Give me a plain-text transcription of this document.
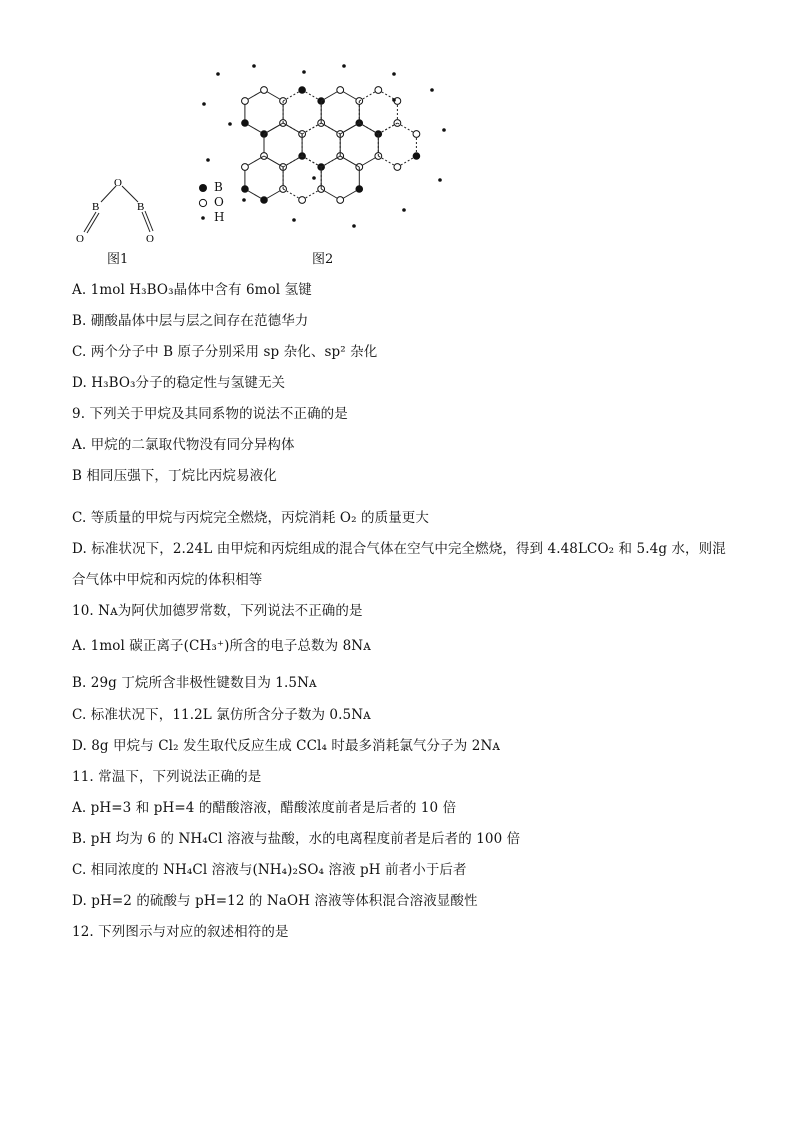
O
B	B
O	O
图1
B
O
H
图2
A. 1mol H₃BO₃晶体中含有 6mol 氢键
B. 硼酸晶体中层与层之间存在范德华力
C. 两个分子中 B 原子分别采用 sp 杂化、sp² 杂化
D. H₃BO₃分子的稳定性与氢键无关
9. 下列关于甲烷及其同系物的说法不正确的是
A. 甲烷的二氯取代物没有同分异构体
B 相同压强下，丁烷比丙烷易液化
C. 等质量的甲烷与丙烷完全燃烧，丙烷消耗 O₂ 的质量更大
D. 标准状况下，2.24L 由甲烷和丙烷组成的混合气体在空气中完全燃烧，得到 4.48LCO₂ 和 5.4g 水，则混
合气体中甲烷和丙烷的体积相等
10. Nᴀ为阿伏加德罗常数，下列说法不正确的是
A. 1mol 碳正离子(CH₃⁺)所含的电子总数为 8Nᴀ
B. 29g 丁烷所含非极性键数目为 1.5Nᴀ
C. 标准状况下，11.2L 氯仿所含分子数为 0.5Nᴀ
D. 8g 甲烷与 Cl₂ 发生取代反应生成 CCl₄ 时最多消耗氯气分子为 2Nᴀ
11. 常温下，下列说法正确的是
A. pH=3 和 pH=4 的醋酸溶液，醋酸浓度前者是后者的 10 倍
B. pH 均为 6 的 NH₄Cl 溶液与盐酸，水的电离程度前者是后者的 100 倍
C. 相同浓度的 NH₄Cl 溶液与(NH₄)₂SO₄ 溶液 pH 前者小于后者
D. pH=2 的硫酸与 pH=12 的 NaOH 溶液等体积混合溶液显酸性
12. 下列图示与对应的叙述相符的是
